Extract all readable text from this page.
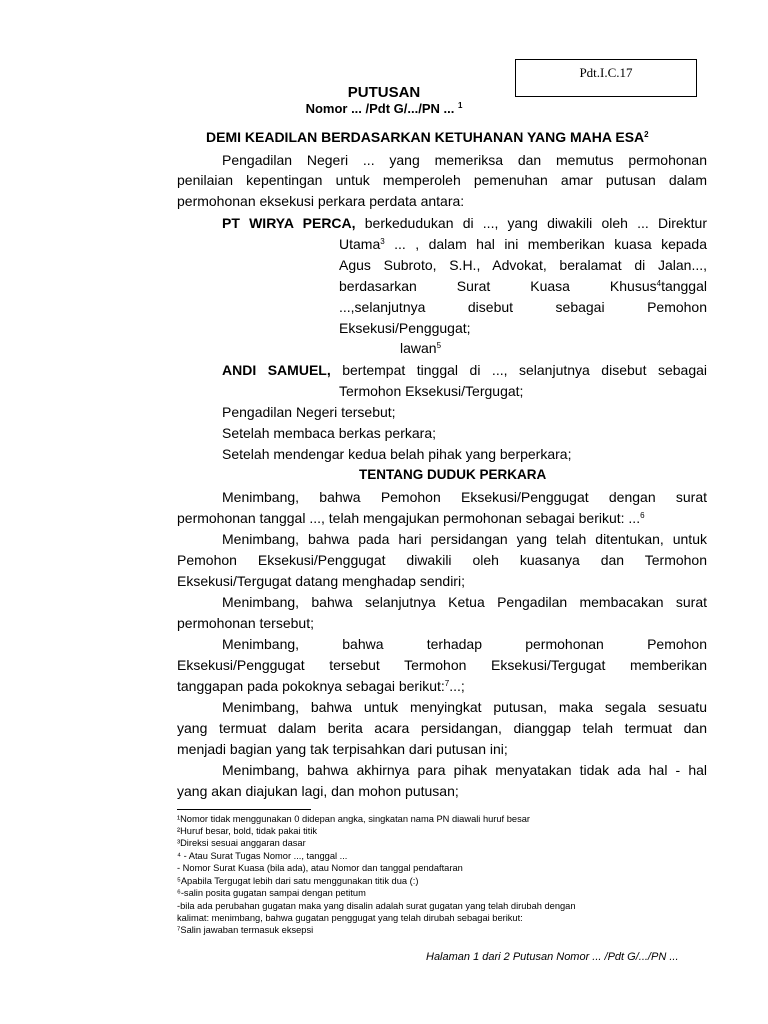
Pdt.I.C.17
PUTUSAN
Nomor ... /Pdt G/.../PN ... $^1$
DEMI KEADILAN BERDASARKAN KETUHANAN YANG MAHA ESA$^2$
Pengadilan Negeri ... yang memeriksa dan memutus permohonan
penilaian kepentingan untuk memperoleh pemenuhan amar putusan dalam
permohonan eksekusi perkara perdata antara:
PT WIRYA PERCA, berkedudukan di ..., yang diwakili oleh ... Direktur
Utama$^3$ ... , dalam hal ini memberikan kuasa kepada
Agus Subroto, S.H., Advokat, beralamat di Jalan...,
berdasarkan Surat Kuasa Khusus$^4$tanggal
...,selanjutnya disebut sebagai Pemohon
Eksekusi/Penggugat;
lawan$^5$
ANDI SAMUEL, bertempat tinggal di ..., selanjutnya disebut sebagai
Termohon Eksekusi/Tergugat;
Pengadilan Negeri tersebut;
Setelah membaca berkas perkara;
Setelah mendengar kedua belah pihak yang berperkara;
TENTANG DUDUK PERKARA
Menimbang, bahwa Pemohon Eksekusi/Penggugat dengan surat
permohonan tanggal ..., telah mengajukan permohonan sebagai berikut: ...$^6$
Menimbang, bahwa pada hari persidangan yang telah ditentukan, untuk
Pemohon Eksekusi/Penggugat diwakili oleh kuasanya dan Termohon
Eksekusi/Tergugat datang menghadap sendiri;
Menimbang, bahwa selanjutnya Ketua Pengadilan membacakan surat
permohonan tersebut;
Menimbang, bahwa terhadap permohonan Pemohon
Eksekusi/Penggugat tersebut Termohon Eksekusi/Tergugat memberikan
tanggapan pada pokoknya sebagai berikut:$^7$...;
Menimbang, bahwa untuk menyingkat putusan, maka segala sesuatu
yang termuat dalam berita acara persidangan, dianggap telah termuat dan
menjadi bagian yang tak terpisahkan dari putusan ini;
Menimbang, bahwa akhirnya para pihak menyatakan tidak ada hal - hal
yang akan diajukan lagi, dan mohon putusan;
¹Nomor tidak menggunakan 0 didepan angka, singkatan nama PN diawali huruf besar
²Huruf besar, bold, tidak pakai titik
³Direksi sesuai anggaran dasar
⁴ - Atau Surat Tugas Nomor ..., tanggal ...
- Nomor Surat Kuasa (bila ada), atau Nomor dan tanggal pendaftaran
⁵Apabila Tergugat lebih dari satu menggunakan titik dua (:)
⁶-salin posita gugatan sampai dengan petitum
-bila ada perubahan gugatan maka yang disalin adalah surat gugatan yang telah dirubah dengan
kalimat: menimbang, bahwa gugatan penggugat yang telah dirubah sebagai berikut:
⁷Salin jawaban termasuk eksepsi
Halaman 1 dari 2 Putusan Nomor ... /Pdt G/.../PN ...
